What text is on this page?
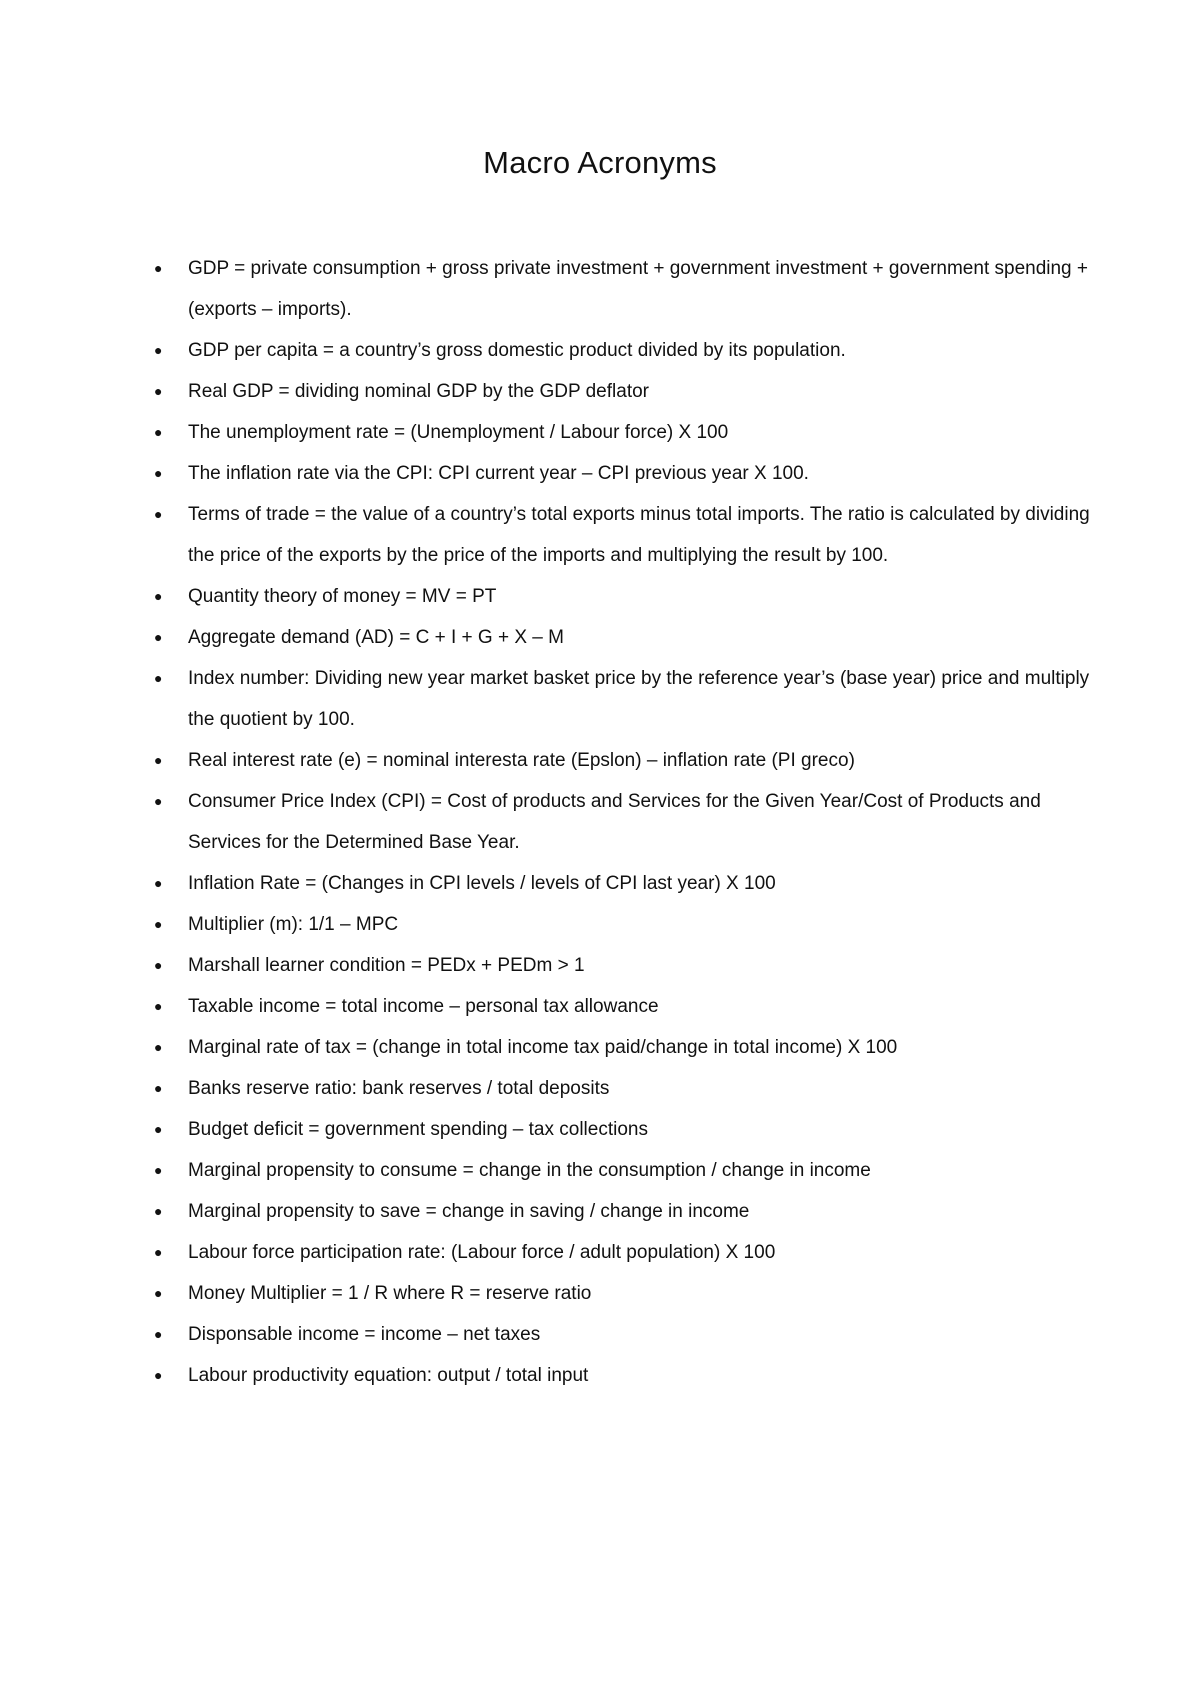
Macro Acronyms
● GDP = private consumption + gross private investment + government investment + government spending + (exports – imports).
● GDP per capita = a country’s gross domestic product divided by its population.
● Real GDP = dividing nominal GDP by the GDP deflator
● The unemployment rate = (Unemployment / Labour force) X 100
● The inflation rate via the CPI: CPI current year – CPI previous year X 100.
● Terms of trade = the value of a country’s total exports minus total imports. The ratio is calculated by dividing the price of the exports by the price of the imports and multiplying the result by 100.
● Quantity theory of money = MV = PT
● Aggregate demand (AD) = C + I + G + X – M
● Index number: Dividing new year market basket price by the reference year’s (base year) price and multiply the quotient by 100.
● Real interest rate (e) = nominal interesta rate (Epslon) – inflation rate (PI greco)
● Consumer Price Index (CPI) = Cost of products and Services for the Given Year/Cost of Products and Services for the Determined Base Year.
● Inflation Rate = (Changes in CPI levels / levels of CPI last year) X 100
● Multiplier (m): 1/1 – MPC
● Marshall learner condition = PEDx + PEDm > 1
● Taxable income = total income – personal tax allowance
● Marginal rate of tax = (change in total income tax paid/change in total income) X 100
● Banks reserve ratio: bank reserves / total deposits
● Budget deficit = government spending – tax collections
● Marginal propensity to consume = change in the consumption / change in income
● Marginal propensity to save = change in saving / change in income
● Labour force participation rate: (Labour force / adult population) X 100
● Money Multiplier = 1 / R where R = reserve ratio
● Disponsable income = income – net taxes
● Labour productivity equation: output / total input
